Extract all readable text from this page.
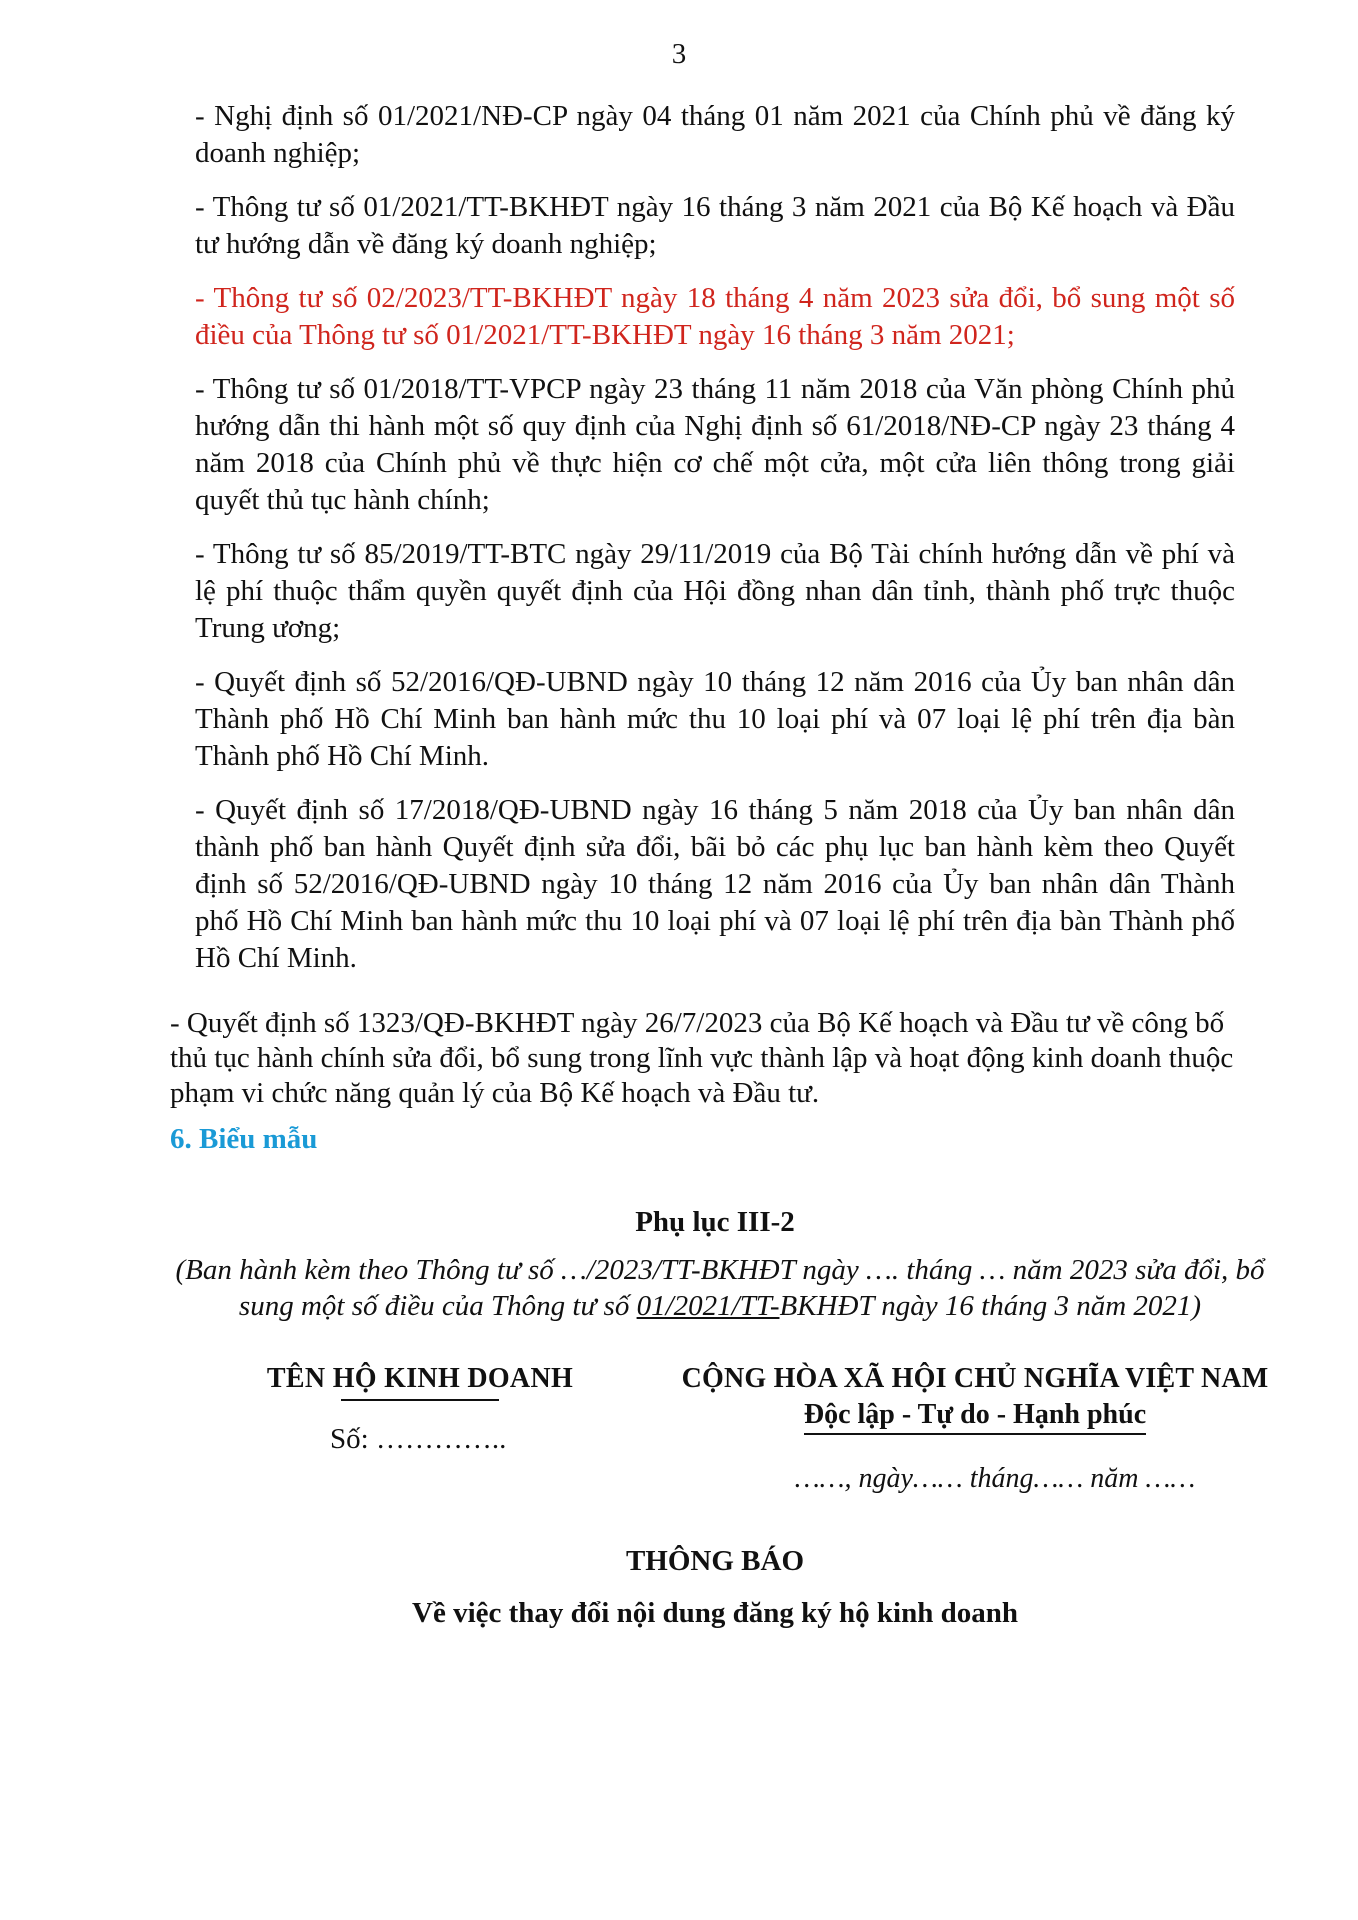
3

- Nghị định số 01/2021/NĐ-CP ngày 04 tháng 01 năm 2021 của Chính phủ về đăng ký doanh nghiệp;

- Thông tư số 01/2021/TT-BKHĐT ngày 16 tháng 3 năm 2021 của Bộ Kế hoạch và Đầu tư hướng dẫn về đăng ký doanh nghiệp;

- Thông tư số 02/2023/TT-BKHĐT ngày 18 tháng 4 năm 2023 sửa đổi, bổ sung một số điều của Thông tư số 01/2021/TT-BKHĐT ngày 16 tháng 3 năm 2021;

- Thông tư số 01/2018/TT-VPCP ngày 23 tháng 11 năm 2018 của Văn phòng Chính phủ hướng dẫn thi hành một số quy định của Nghị định số 61/2018/NĐ-CP ngày 23 tháng 4 năm 2018 của Chính phủ về thực hiện cơ chế một cửa, một cửa liên thông trong giải quyết thủ tục hành chính;

- Thông tư số 85/2019/TT-BTC ngày 29/11/2019 của Bộ Tài chính hướng dẫn về phí và lệ phí thuộc thẩm quyền quyết định của Hội đồng nhan dân tỉnh, thành phố trực thuộc Trung ương;

- Quyết định số 52/2016/QĐ-UBND ngày 10 tháng 12 năm 2016 của Ủy ban nhân dân Thành phố Hồ Chí Minh ban hành mức thu 10 loại phí và 07 loại lệ phí trên địa bàn Thành phố Hồ Chí Minh.

- Quyết định số 17/2018/QĐ-UBND ngày 16 tháng 5 năm 2018 của Ủy ban nhân dân thành phố ban hành Quyết định sửa đổi, bãi bỏ các phụ lục ban hành kèm theo Quyết định số 52/2016/QĐ-UBND ngày 10 tháng 12 năm 2016 của Ủy ban nhân dân Thành phố Hồ Chí Minh ban hành mức thu 10 loại phí và 07 loại lệ phí trên địa bàn Thành phố Hồ Chí Minh.

- Quyết định số 1323/QĐ-BKHĐT ngày 26/7/2023 của Bộ Kế hoạch và Đầu tư về công bố thủ tục hành chính sửa đổi, bổ sung trong lĩnh vực thành lập và hoạt động kinh doanh thuộc phạm vi chức năng quản lý của Bộ Kế hoạch và Đầu tư.
6. Biểu mẫu
Phụ lục III-2
(Ban hành kèm theo Thông tư số …/2023/TT-BKHĐT ngày …. tháng … năm 2023 sửa đổi, bổ sung một số điều của Thông tư số 01/2021/TT-BKHĐT ngày 16 tháng 3 năm 2021)
TÊN HỘ KINH DOANH
Số: …………..
CỘNG HÒA XÃ HỘI CHỦ NGHĨA VIỆT NAM
Độc lập - Tự do - Hạnh phúc
……, ngày…… tháng…… năm ……
THÔNG BÁO
Về việc thay đổi nội dung đăng ký hộ kinh doanh
